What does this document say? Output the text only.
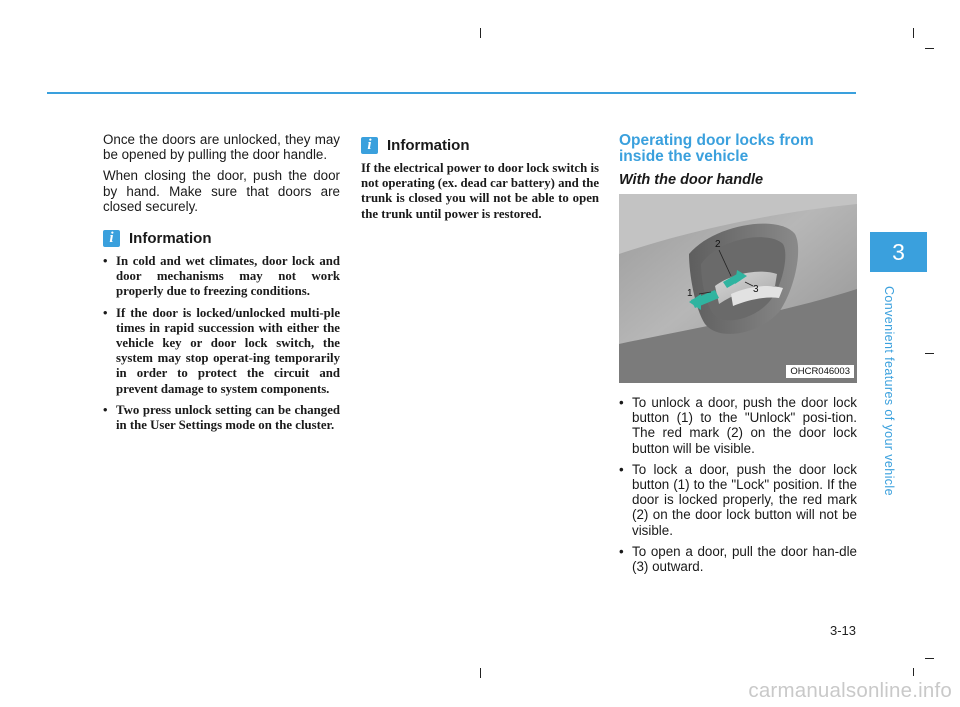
Once the doors are unlocked, they may be opened by pulling the door handle.

When closing the door, push the door by hand. Make sure that doors are closed securely.

i	Information
• In cold and wet climates, door lock and door mechanisms may not work properly due to freezing conditions.
• If the door is locked/unlocked multi-ple times in rapid succession with either the vehicle key or door lock switch, the system may stop operat-ing temporarily in order to protect the circuit and prevent damage to system components.
• Two press unlock setting can be changed in the User Settings mode on the cluster.
i	Information

If the electrical power to door lock switch is not operating (ex. dead car battery) and the trunk is closed you will not be able to open the trunk until power is restored.

Operating door locks from inside the vehicle
With the door handle
2
1	3
OHCR046003
• To unlock a door, push the door lock button (1) to the "Unlock" posi-tion. The red mark (2) on the door lock button will be visible.
• To lock a door, push the door lock button (1) to the "Lock" position. If the door is locked properly, the red mark (2) on the door lock button will not be visible.
• To open a door, pull the door han-dle (3) outward.
3
Convenient features of your vehicle
3-13
carmanualsonline.info
